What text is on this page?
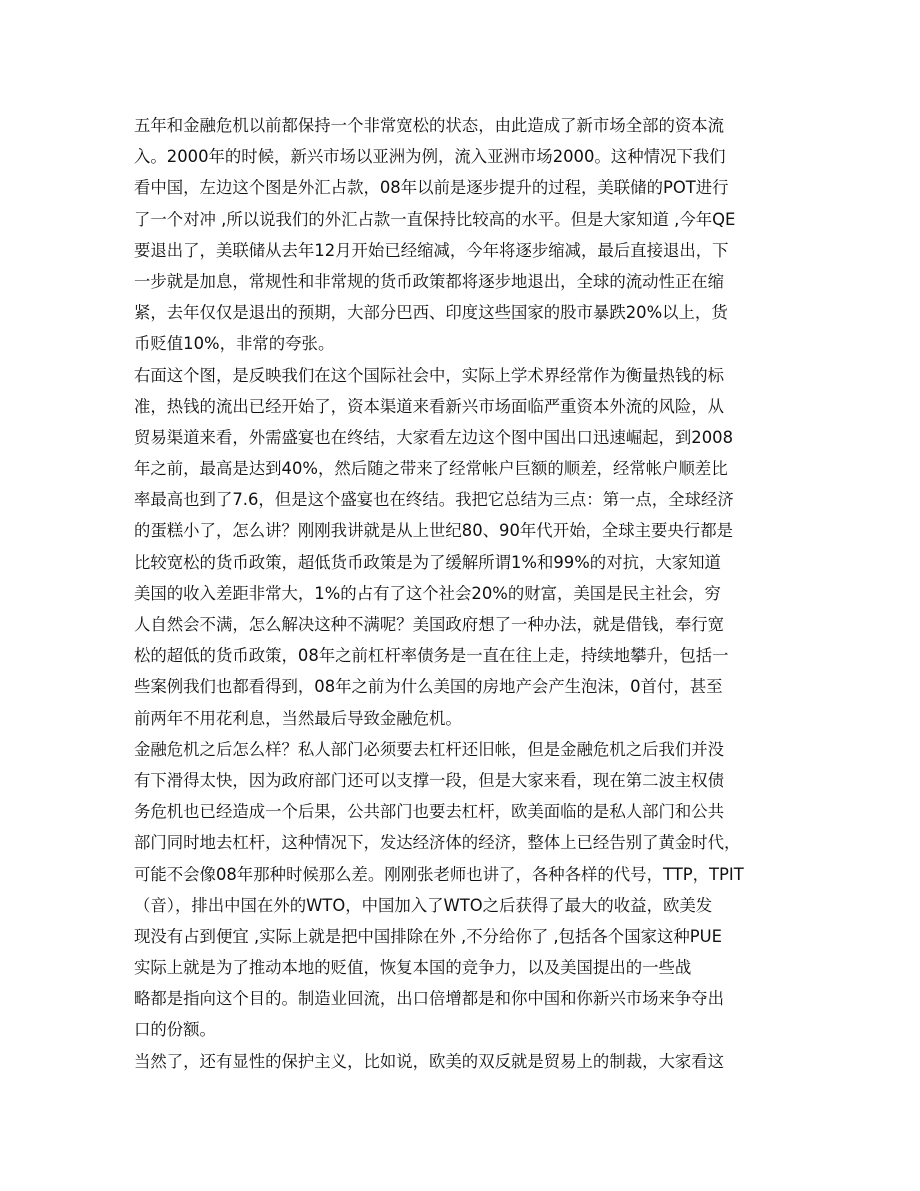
五年和金融危机以前都保持一个非常宽松的状态，由此造成了新市场全部的资本流
入。2000年的时候，新兴市场以亚洲为例，流入亚洲市场2000。这种情况下我们
看中国，左边这个图是外汇占款，08年以前是逐步提升的过程，美联储的POT进行
了一个对冲 ,所以说我们的外汇占款一直保持比较高的水平。但是大家知道 ,今年QE
要退出了，美联储从去年12月开始已经缩减，今年将逐步缩减，最后直接退出，下
一步就是加息，常规性和非常规的货币政策都将逐步地退出，全球的流动性正在缩
紧，去年仅仅是退出的预期，大部分巴西、印度这些国家的股市暴跌20%以上，货
币贬值10%，非常的夸张。
右面这个图，是反映我们在这个国际社会中，实际上学术界经常作为衡量热钱的标
准，热钱的流出已经开始了，资本渠道来看新兴市场面临严重资本外流的风险，从
贸易渠道来看，外需盛宴也在终结，大家看左边这个图中国出口迅速崛起，到2008
年之前，最高是达到40%，然后随之带来了经常帐户巨额的顺差，经常帐户顺差比
率最高也到了7.6，但是这个盛宴也在终结。我把它总结为三点：第一点，全球经济
的蛋糕小了，怎么讲？刚刚我讲就是从上世纪80、90年代开始，全球主要央行都是
比较宽松的货币政策，超低货币政策是为了缓解所谓1%和99%的对抗，大家知道
美国的收入差距非常大，1%的占有了这个社会20%的财富，美国是民主社会，穷
人自然会不满，怎么解决这种不满呢？美国政府想了一种办法，就是借钱，奉行宽
松的超低的货币政策，08年之前杠杆率债务是一直在往上走，持续地攀升，包括一
些案例我们也都看得到，08年之前为什么美国的房地产会产生泡沫，0首付，甚至
前两年不用花利息，当然最后导致金融危机。
金融危机之后怎么样？私人部门必须要去杠杆还旧帐，但是金融危机之后我们并没
有下滑得太快，因为政府部门还可以支撑一段，但是大家来看，现在第二波主权债
务危机也已经造成一个后果，公共部门也要去杠杆，欧美面临的是私人部门和公共
部门同时地去杠杆，这种情况下，发达经济体的经济，整体上已经告别了黄金时代，
可能不会像08年那种时候那么差。刚刚张老师也讲了，各种各样的代号，TTP，TPIT
（音），排出中国在外的WTO，中国加入了WTO之后获得了最大的收益，欧美发
现没有占到便宜 ,实际上就是把中国排除在外 ,不分给你了 ,包括各个国家这种PUE
实际上就是为了推动本地的贬值，恢复本国的竞争力，以及美国提出的一些战
略都是指向这个目的。制造业回流，出口倍增都是和你中国和你新兴市场来争夺出
口的份额。
当然了，还有显性的保护主义，比如说，欧美的双反就是贸易上的制裁，大家看这
